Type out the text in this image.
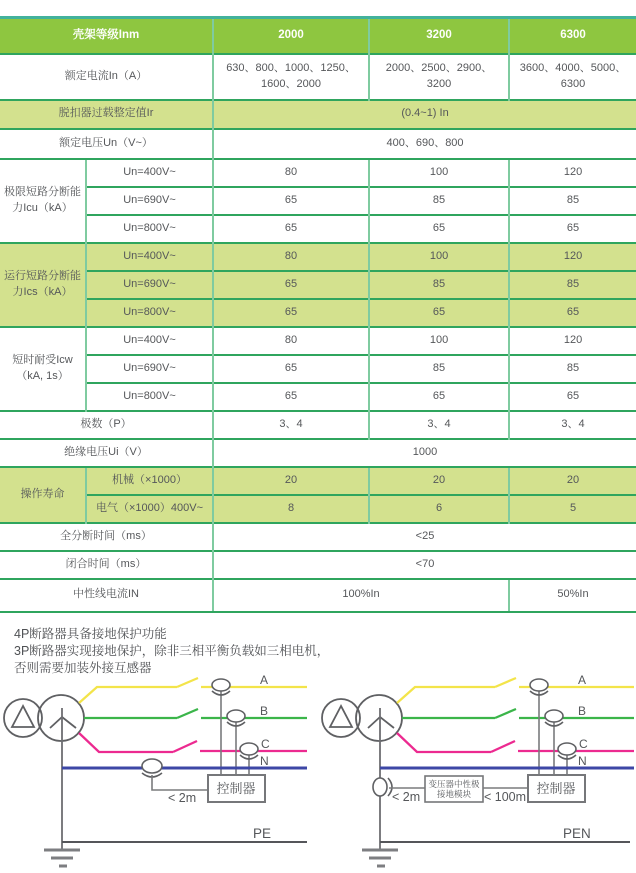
壳架等级Inm		2000	3200	6300
额定电流In（A）		630、800、1000、1250、1600、2000	2000、2500、2900、3200	3600、4000、5000、6300
脱扣器过载整定值Ir		(0.4~1) In		
额定电压Un（V~）		400、690、800		
极限短路分断能力Icu（kA）	Un=400V~	80	100	120
	Un=690V~	65	85	85
	Un=800V~	65	65	65
运行短路分断能力Ics（kA）	Un=400V~	80	100	120
	Un=690V~	65	85	85
	Un=800V~	65	65	65
短时耐受Icw（kA, 1s）	Un=400V~	80	100	120
	Un=690V~	65	85	85
	Un=800V~	65	65	65
极数（P）		3、4	3、4	3、4
绝缘电压Ui（V）		1000		
操作寿命	机械（×1000）	20	20	20
	电气（×1000）400V~	8	6	5
全分断时间（ms）		<25		
闭合时间（ms）		<70		
中性线电流IN		100%In		50%In
4P断路器具备接地保护功能
3P断路器实现接地保护，除非三相平衡负载如三相电机，
否则需要加装外接互感器
控制器
< 2m
PE
A
B
C
N
< 2m
变压器中性极
接地模块 < 100m
控制器
PEN
A
B
C
N
